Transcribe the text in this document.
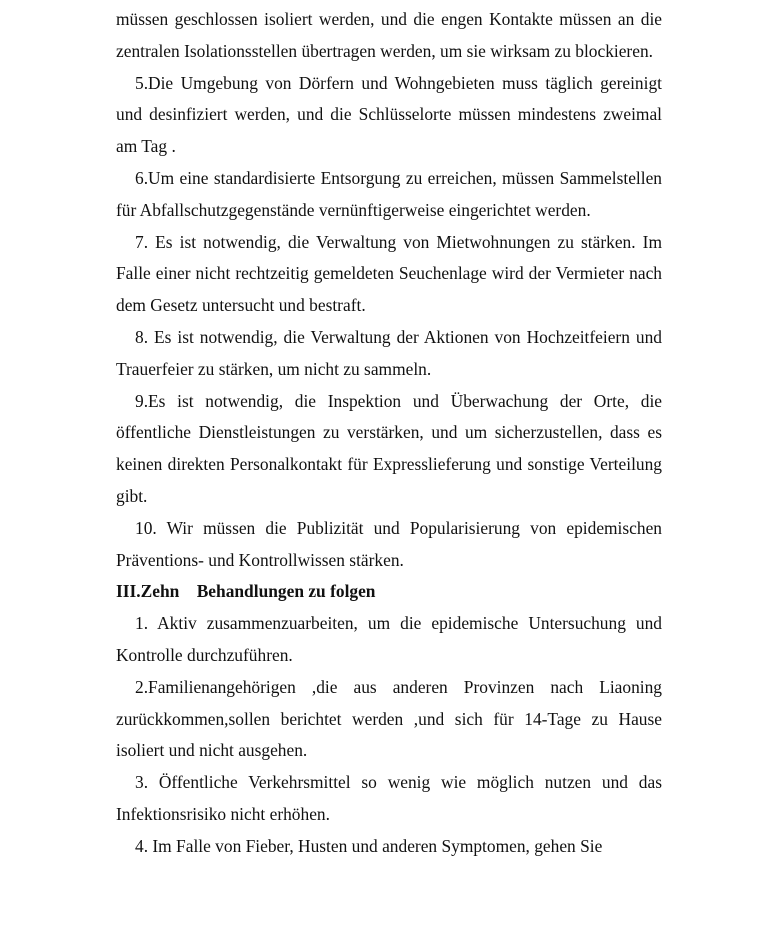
müssen geschlossen isoliert werden, und die engen Kontakte müssen an die zentralen Isolationsstellen übertragen werden, um sie wirksam zu blockieren.

5.Die Umgebung von Dörfern und Wohngebieten muss täglich gereinigt und desinfiziert werden, und die Schlüsselorte müssen mindestens zweimal am Tag .

6.Um eine standardisierte Entsorgung zu erreichen, müssen Sammelstellen für Abfallschutzgegenstände vernünftigerweise eingerichtet werden.

7. Es ist notwendig, die Verwaltung von Mietwohnungen zu stärken. Im Falle einer nicht rechtzeitig gemeldeten Seuchenlage wird der Vermieter nach dem Gesetz untersucht und bestraft.

8. Es ist notwendig, die Verwaltung der Aktionen von Hochzeitfeiern und Trauerfeier zu stärken, um nicht zu sammeln.

9.Es ist notwendig, die Inspektion und Überwachung der Orte, die öffentliche Dienstleistungen zu verstärken, und um sicherzustellen, dass es keinen direkten Personalkontakt für Expresslieferung und sonstige Verteilung gibt.

10. Wir müssen die Publizität und Popularisierung von epidemischen Präventions- und Kontrollwissen stärken.

III.Zehn    Behandlungen zu folgen

1. Aktiv zusammenzuarbeiten, um die epidemische Untersuchung und Kontrolle durchzuführen.

2.Familienangehörigen ,die aus anderen Provinzen nach Liaoning zurückkommen,sollen berichtet werden ,und sich für 14-Tage zu Hause isoliert und nicht ausgehen.

3. Öffentliche Verkehrsmittel so wenig wie möglich nutzen und das Infektionsrisiko nicht erhöhen.

4. Im Falle von Fieber, Husten und anderen Symptomen, gehen Sie
